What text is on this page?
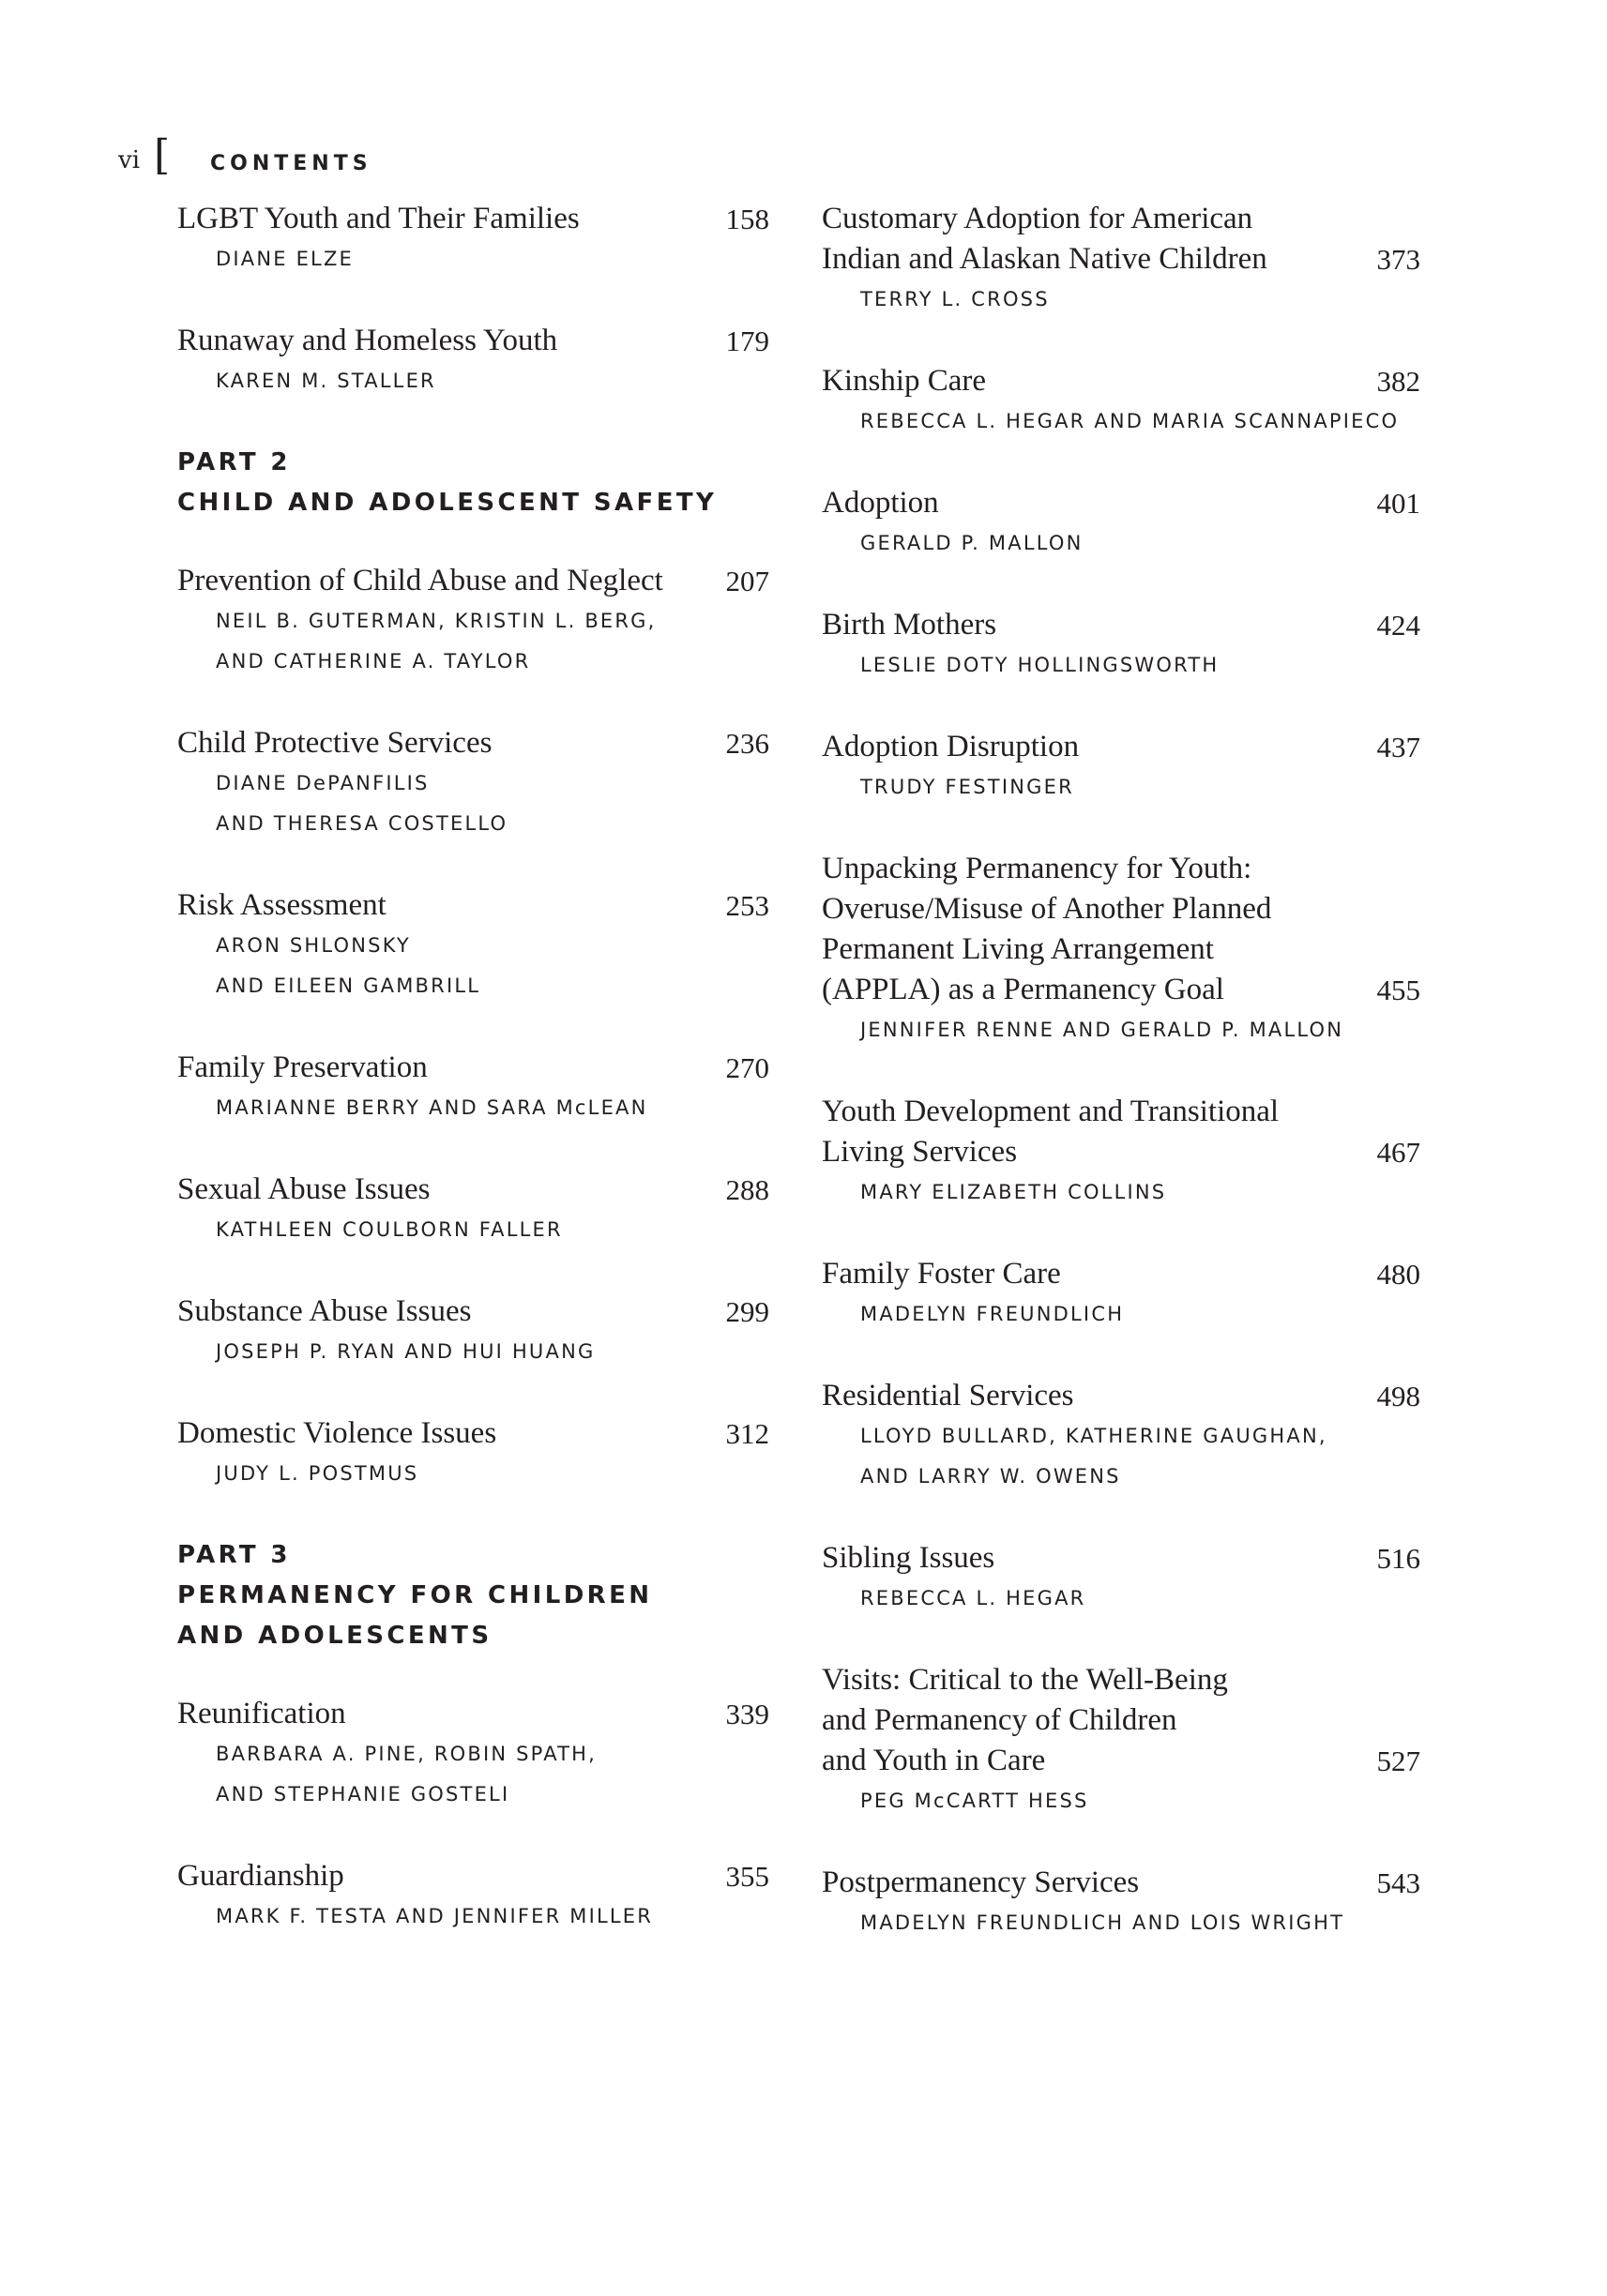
vi [ CONTENTS
LGBT Youth and Their Families	158
DIANE ELZE
Runaway and Homeless Youth	179
KAREN M. STALLER
PART 2
CHILD AND ADOLESCENT SAFETY
Prevention of Child Abuse and Neglect	207
NEIL B. GUTERMAN, KRISTIN L. BERG,
AND CATHERINE A. TAYLOR
Child Protective Services	236
DIANE DePANFILIS
AND THERESA COSTELLO
Risk Assessment	253
ARON SHLONSKY
AND EILEEN GAMBRILL
Family Preservation	270
MARIANNE BERRY AND SARA McLEAN
Sexual Abuse Issues	288
KATHLEEN COULBORN FALLER
Substance Abuse Issues	299
JOSEPH P. RYAN AND HUI HUANG
Domestic Violence Issues	312
JUDY L. POSTMUS
PART 3
PERMANENCY FOR CHILDREN
AND ADOLESCENTS
Reunification	339
BARBARA A. PINE, ROBIN SPATH,
AND STEPHANIE GOSTELI
Guardianship	355
MARK F. TESTA AND JENNIFER MILLER
Customary Adoption for American
Indian and Alaskan Native Children	373
TERRY L. CROSS
Kinship Care	382
REBECCA L. HEGAR AND MARIA SCANNAPIECO
Adoption	401
GERALD P. MALLON
Birth Mothers	424
LESLIE DOTY HOLLINGSWORTH
Adoption Disruption	437
TRUDY FESTINGER
Unpacking Permanency for Youth:
Overuse/Misuse of Another Planned
Permanent Living Arrangement
(APPLA) as a Permanency Goal	455
JENNIFER RENNE AND GERALD P. MALLON
Youth Development and Transitional
Living Services	467
MARY ELIZABETH COLLINS
Family Foster Care	480
MADELYN FREUNDLICH
Residential Services	498
LLOYD BULLARD, KATHERINE GAUGHAN,
AND LARRY W. OWENS
Sibling Issues	516
REBECCA L. HEGAR
Visits: Critical to the Well-Being
and Permanency of Children
and Youth in Care	527
PEG McCARTT HESS
Postpermanency Services	543
MADELYN FREUNDLICH AND LOIS WRIGHT
